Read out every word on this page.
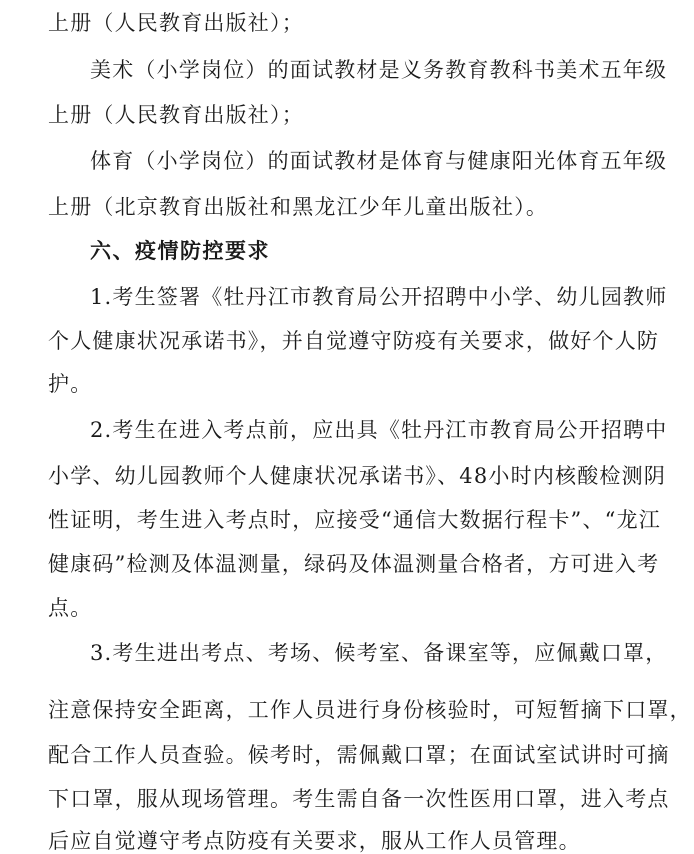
上册（人民教育出版社）；
美术（小学岗位）的面试教材是义务教育教科书美术五年级
上册（人民教育出版社）；
体育（小学岗位）的面试教材是体育与健康阳光体育五年级
上册（北京教育出版社和黑龙江少年儿童出版社）。
六、疫情防控要求
1.考生签署《牡丹江市教育局公开招聘中小学、幼儿园教师
个人健康状况承诺书》，并自觉遵守防疫有关要求，做好个人防
护。
2.考生在进入考点前，应出具《牡丹江市教育局公开招聘中
小学、幼儿园教师个人健康状况承诺书》、48小时内核酸检测阴
性证明，考生进入考点时，应接受“通信大数据行程卡”、“龙江
健康码”检测及体温测量，绿码及体温测量合格者，方可进入考
点。
3.考生进出考点、考场、候考室、备课室等，应佩戴口罩，
注意保持安全距离，工作人员进行身份核验时，可短暂摘下口罩，
配合工作人员查验。候考时，需佩戴口罩；在面试室试讲时可摘
下口罩，服从现场管理。考生需自备一次性医用口罩，进入考点
后应自觉遵守考点防疫有关要求，服从工作人员管理。
